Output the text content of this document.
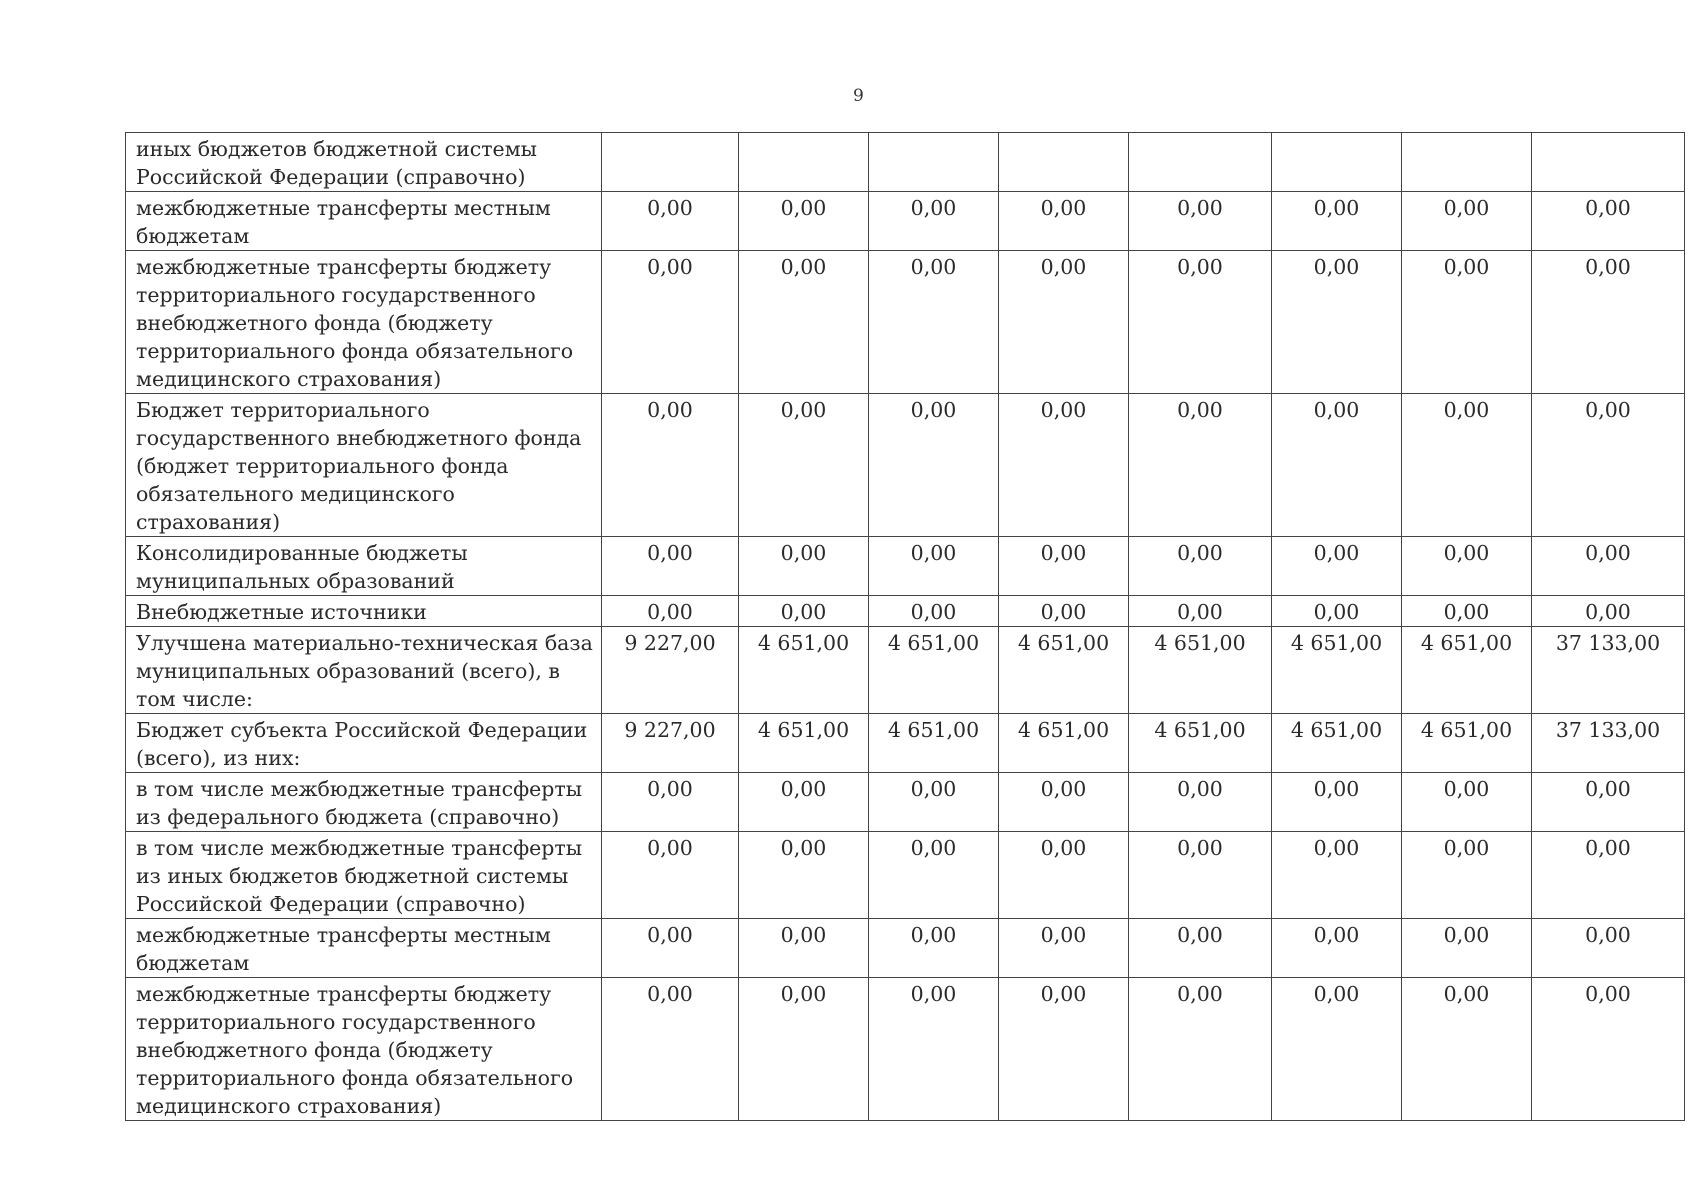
9
иных бюджетов бюджетной системы Российской Федерации (справочно)								
межбюджетные трансферты местным бюджетам	0,00	0,00	0,00	0,00	0,00	0,00	0,00	0,00
межбюджетные трансферты бюджету территориального государственного внебюджетного фонда (бюджету территориального фонда обязательного медицинского страхования)	0,00	0,00	0,00	0,00	0,00	0,00	0,00	0,00
Бюджет территориального государственного внебюджетного фонда (бюджет территориального фонда обязательного медицинского страхования)	0,00	0,00	0,00	0,00	0,00	0,00	0,00	0,00
Консолидированные бюджеты муниципальных образований	0,00	0,00	0,00	0,00	0,00	0,00	0,00	0,00
Внебюджетные источники	0,00	0,00	0,00	0,00	0,00	0,00	0,00	0,00
Улучшена материально-техническая база муниципальных образований (всего), в том числе:	9 227,00	4 651,00	4 651,00	4 651,00	4 651,00	4 651,00	4 651,00	37 133,00
Бюджет субъекта Российской Федерации (всего), из них:	9 227,00	4 651,00	4 651,00	4 651,00	4 651,00	4 651,00	4 651,00	37 133,00
в том числе межбюджетные трансферты из федерального бюджета (справочно)	0,00	0,00	0,00	0,00	0,00	0,00	0,00	0,00
в том числе межбюджетные трансферты из иных бюджетов бюджетной системы Российской Федерации (справочно)	0,00	0,00	0,00	0,00	0,00	0,00	0,00	0,00
межбюджетные трансферты местным бюджетам	0,00	0,00	0,00	0,00	0,00	0,00	0,00	0,00
межбюджетные трансферты бюджету территориального государственного внебюджетного фонда (бюджету территориального фонда обязательного медицинского страхования)	0,00	0,00	0,00	0,00	0,00	0,00	0,00	0,00
